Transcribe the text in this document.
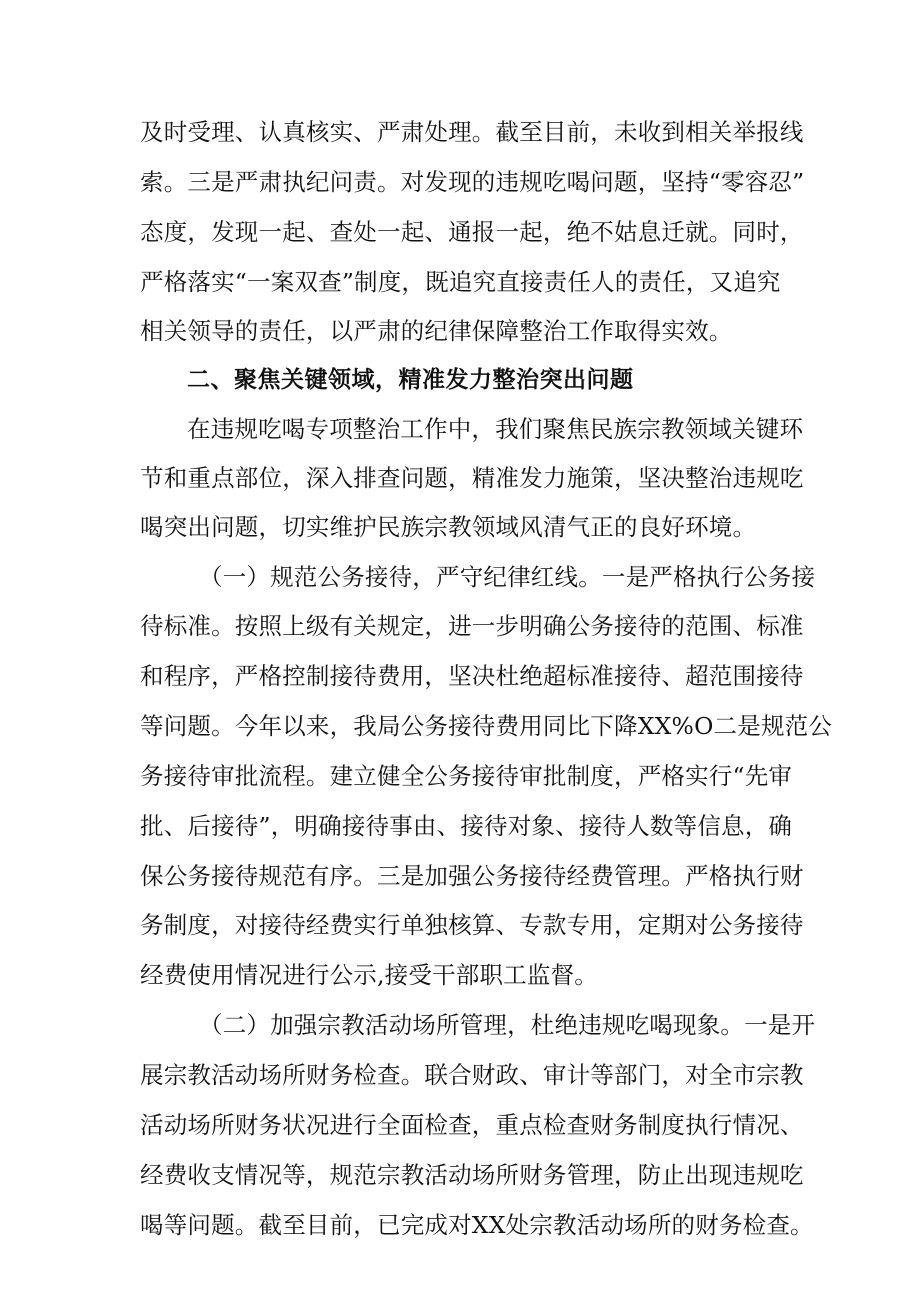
及时受理、认真核实、严肃处理。截至目前，未收到相关举报线
索。三是严肃执纪问责。对发现的违规吃喝问题，坚持“零容忍”
态度，发现一起、查处一起、通报一起，绝不姑息迁就。同时，
严格落实“一案双查”制度，既追究直接责任人的责任，又追究
相关领导的责任，以严肃的纪律保障整治工作取得实效。
二、聚焦关键领域，精准发力整治突出问题
在违规吃喝专项整治工作中，我们聚焦民族宗教领域关键环
节和重点部位，深入排查问题，精准发力施策，坚决整治违规吃
喝突出问题，切实维护民族宗教领域风清气正的良好环境。
（一）规范公务接待，严守纪律红线。一是严格执行公务接
待标准。按照上级有关规定，进一步明确公务接待的范围、标准
和程序，严格控制接待费用，坚决杜绝超标准接待、超范围接待
等问题。今年以来，我局公务接待费用同比下降XX%O二是规范公
务接待审批流程。建立健全公务接待审批制度，严格实行“先审
批、后接待”，明确接待事由、接待对象、接待人数等信息，确
保公务接待规范有序。三是加强公务接待经费管理。严格执行财
务制度，对接待经费实行单独核算、专款专用，定期对公务接待
经费使用情况进行公示,接受干部职工监督。
（二）加强宗教活动场所管理，杜绝违规吃喝现象。一是开
展宗教活动场所财务检查。联合财政、审计等部门，对全市宗教
活动场所财务状况进行全面检查，重点检查财务制度执行情况、
经费收支情况等，规范宗教活动场所财务管理，防止出现违规吃
喝等问题。截至目前，已完成对XX处宗教活动场所的财务检查。
